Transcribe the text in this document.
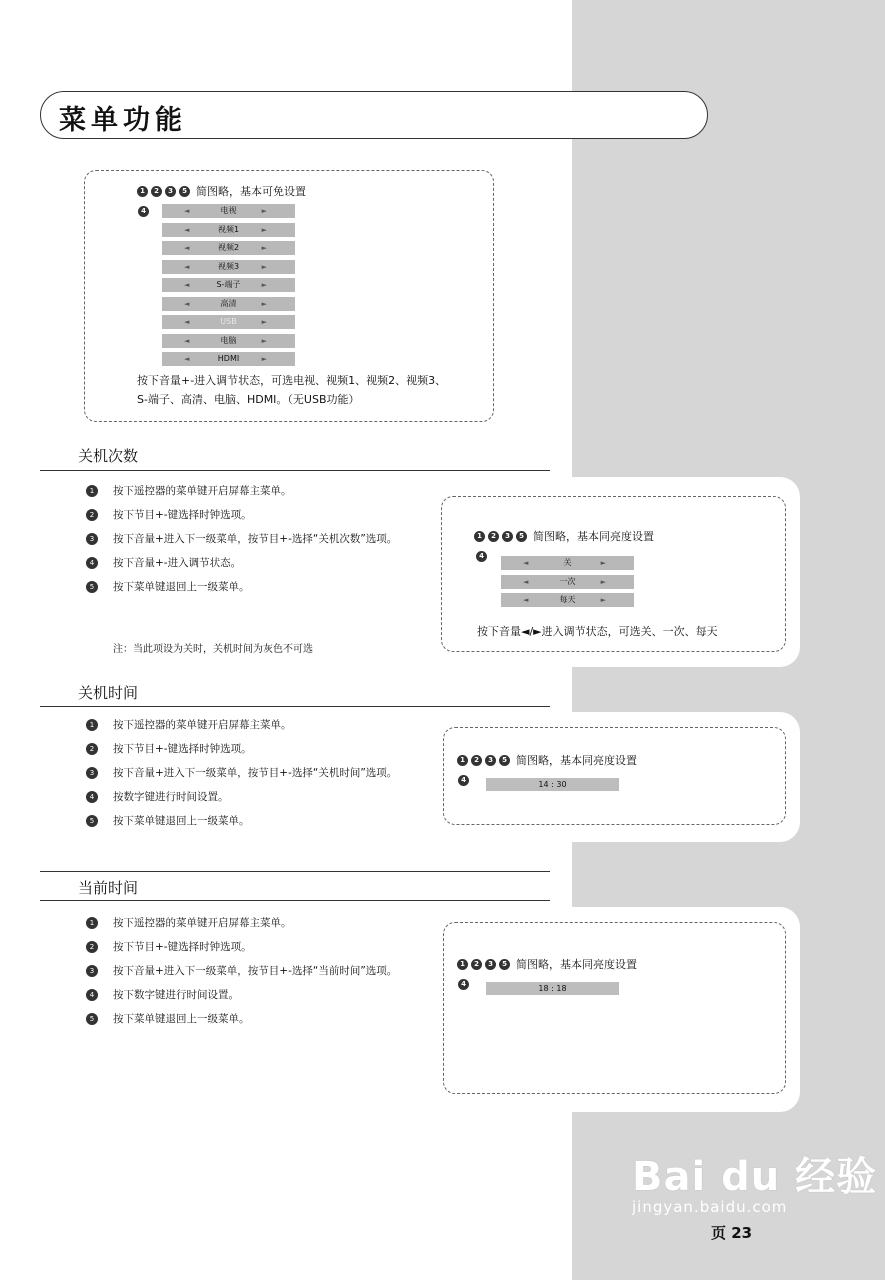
菜单功能
1	2	3	5 简图略，基本可免设置
4	◄	电视	►
◄	视频1	►
◄	视频2	►
◄	视频3	►
◄	S-端子	►
◄	高清	►
◄	USB	►
◄	电脑	►
◄	HDMI	►
按下音量+-进入调节状态，可选电视、视频1、视频2、视频3、
S-端子、高清、电脑、HDMI。（无USB功能）
关机次数
1	按下遥控器的菜单键开启屏幕主菜单。
2	按下节目+-键选择时钟选项。
3	按下音量+进入下一级菜单，按节目+-选择“关机次数”选项。
4	按下音量+-进入调节状态。
5	按下菜单键退回上一级菜单。
注：当此项设为关时，关机时间为灰色不可选
1	2	3	5 简图略，基本同亮度设置
4
◄	关	►
◄	一次	►
◄	每天	►
按下音量◄/►进入调节状态，可选关、一次、每天
关机时间
1	按下遥控器的菜单键开启屏幕主菜单。
2	按下节目+-键选择时钟选项。
3	按下音量+进入下一级菜单，按节目+-选择“关机时间”选项。
4	按数字键进行时间设置。
5	按下菜单键退回上一级菜单。
1	2	3	5 简图略，基本同亮度设置
4	14 : 30
当前时间
1	按下遥控器的菜单键开启屏幕主菜单。
2	按下节目+-键选择时钟选项。
3	按下音量+进入下一级菜单，按节目+-选择“当前时间”选项。
4	按下数字键进行时间设置。
5	按下菜单键退回上一级菜单。
1	2	3	5 简图略，基本同亮度设置
4	18 : 18
Bai du 经验
jingyan.baidu.com
页 23
